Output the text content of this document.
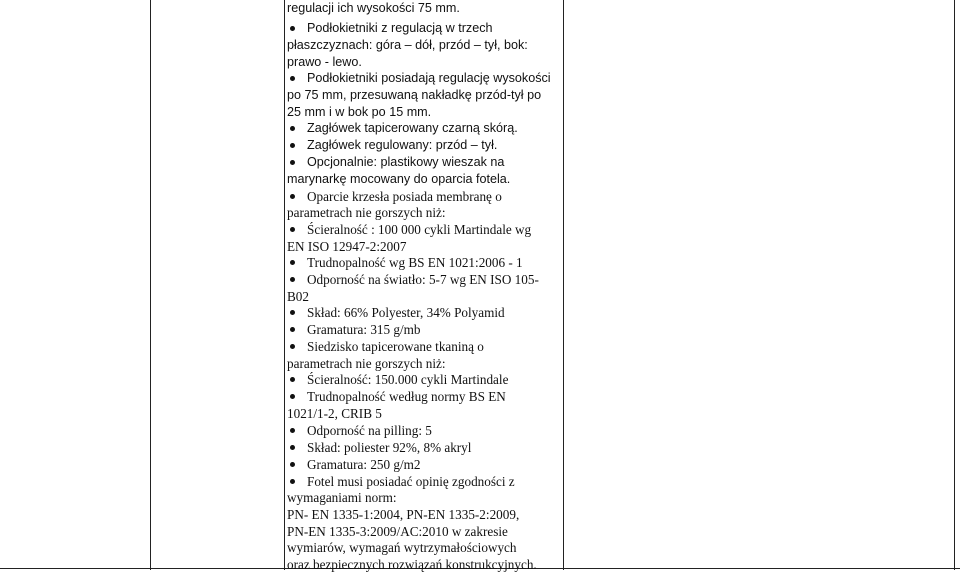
regulacji ich wysokości 75 mm.
Podłokietniki z regulacją w trzech
płaszczyznach: góra – dół, przód – tył, bok:
prawo - lewo.
Podłokietniki posiadają regulację wysokości
po 75 mm, przesuwaną nakładkę przód-tył po
25 mm i w bok po 15 mm.
Zagłówek tapicerowany czarną skórą.
Zagłówek regulowany: przód – tył.
Opcjonalnie: plastikowy wieszak na
marynarkę mocowany do oparcia fotela.
Oparcie krzesła posiada membranę o
parametrach nie gorszych niż:
Ścieralność : 100 000 cykli Martindale wg
EN ISO 12947-2:2007
Trudnopalność wg BS EN 1021:2006 - 1
Odporność na światło: 5-7 wg EN ISO 105-
B02
Skład: 66% Polyester, 34% Polyamid
Gramatura: 315 g/mb
Siedzisko tapicerowane tkaniną o
parametrach nie gorszych niż:
Ścieralność: 150.000 cykli Martindale
Trudnopalność według normy BS EN
1021/1-2, CRIB 5
Odporność na pilling: 5
Skład: poliester 92%, 8% akryl
Gramatura: 250 g/m2
Fotel musi posiadać opinię zgodności z
wymaganiami norm:
PN- EN 1335-1:2004, PN-EN 1335-2:2009,
PN-EN 1335-3:2009/AC:2010 w zakresie
wymiarów, wymagań wytrzymałościowych
oraz bezpiecznych rozwiązań konstrukcyjnych.
